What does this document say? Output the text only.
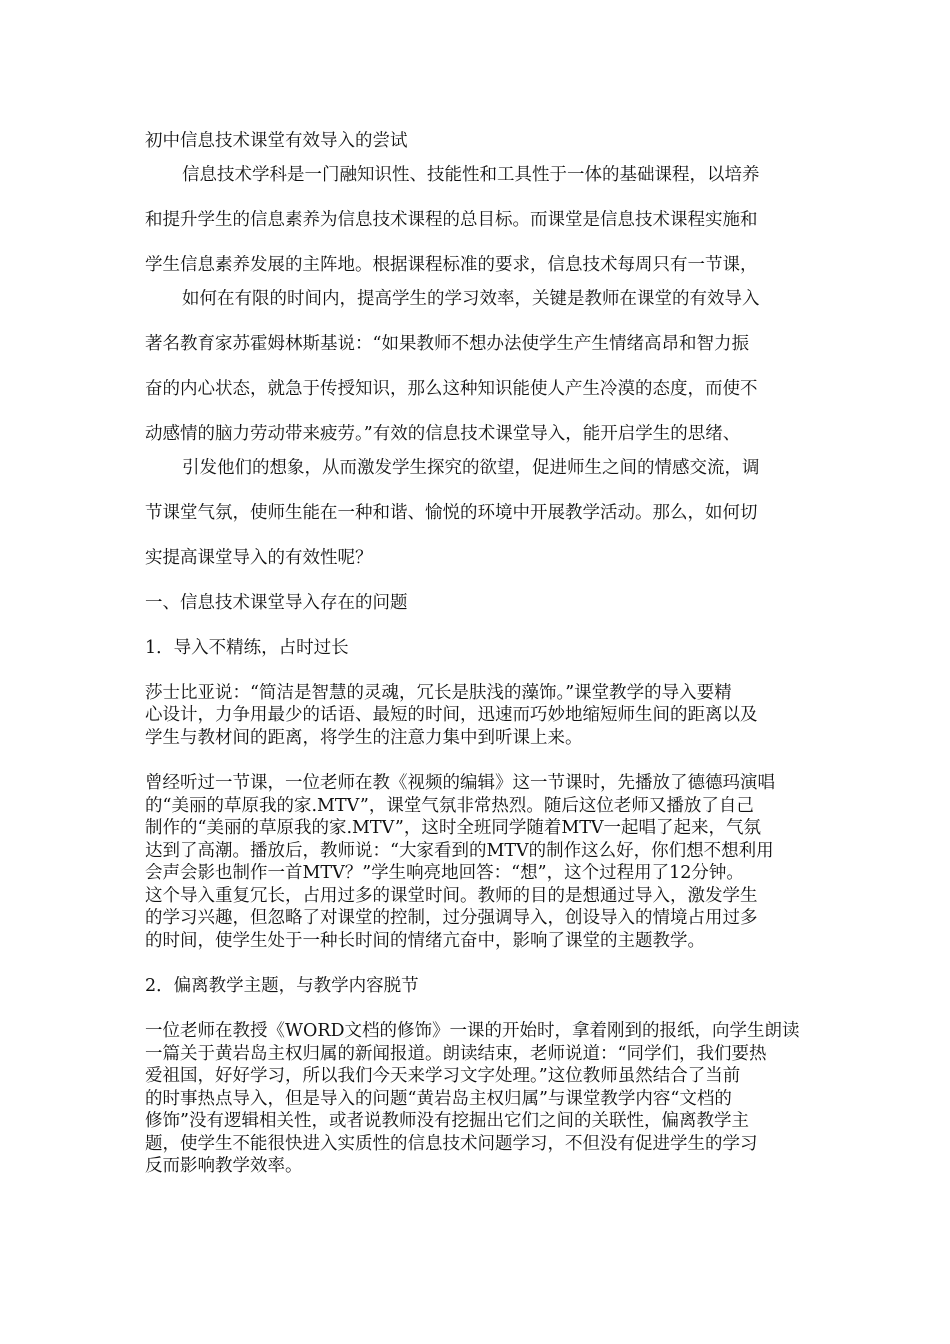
初中信息技术课堂有效导入的尝试
信息技术学科是一门融知识性、技能性和工具性于一体的基础课程，以培养
和提升学生的信息素养为信息技术课程的总目标。而课堂是信息技术课程实施和
学生信息素养发展的主阵地。根据课程标准的要求，信息技术每周只有一节课，
如何在有限的时间内，提高学生的学习效率，关键是教师在课堂的有效导入
著名教育家苏霍姆林斯基说：“如果教师不想办法使学生产生情绪高昂和智力振
奋的内心状态，就急于传授知识，那么这种知识能使人产生冷漠的态度，而使不
动感情的脑力劳动带来疲劳。”有效的信息技术课堂导入，能开启学生的思绪、
引发他们的想象，从而激发学生探究的欲望，促进师生之间的情感交流，调
节课堂气氛，使师生能在一种和谐、愉悦的环境中开展教学活动。那么，如何切
实提高课堂导入的有效性呢？
一、信息技术课堂导入存在的问题
1．导入不精练，占时过长
莎士比亚说：“简洁是智慧的灵魂，冗长是肤浅的藻饰。”课堂教学的导入要精
心设计，力争用最少的话语、最短的时间，迅速而巧妙地缩短师生间的距离以及
学生与教材间的距离，将学生的注意力集中到听课上来。
曾经听过一节课，一位老师在教《视频的编辑》这一节课时，先播放了德德玛演唱
的“美丽的草原我的家.MTV”，课堂气氛非常热烈。随后这位老师又播放了自己
制作的“美丽的草原我的家.MTV”，这时全班同学随着MTV一起唱了起来，气氛
达到了高潮。播放后，教师说：“大家看到的MTV的制作这么好，你们想不想利用
会声会影也制作一首MTV？”学生响亮地回答：“想”，这个过程用了12分钟。
这个导入重复冗长，占用过多的课堂时间。教师的目的是想通过导入，激发学生
的学习兴趣，但忽略了对课堂的控制，过分强调导入，创设导入的情境占用过多
的时间，使学生处于一种长时间的情绪亢奋中，影响了课堂的主题教学。
2．偏离教学主题，与教学内容脱节
一位老师在教授《WORD文档的修饰》一课的开始时，拿着刚到的报纸，向学生朗读
一篇关于黄岩岛主权归属的新闻报道。朗读结束，老师说道：“同学们，我们要热
爱祖国，好好学习，所以我们今天来学习文字处理。”这位教师虽然结合了当前
的时事热点导入，但是导入的问题“黄岩岛主权归属”与课堂教学内容“文档的
修饰”没有逻辑相关性，或者说教师没有挖掘出它们之间的关联性，偏离教学主
题，使学生不能很快进入实质性的信息技术问题学习，不但没有促进学生的学习
反而影响教学效率。
